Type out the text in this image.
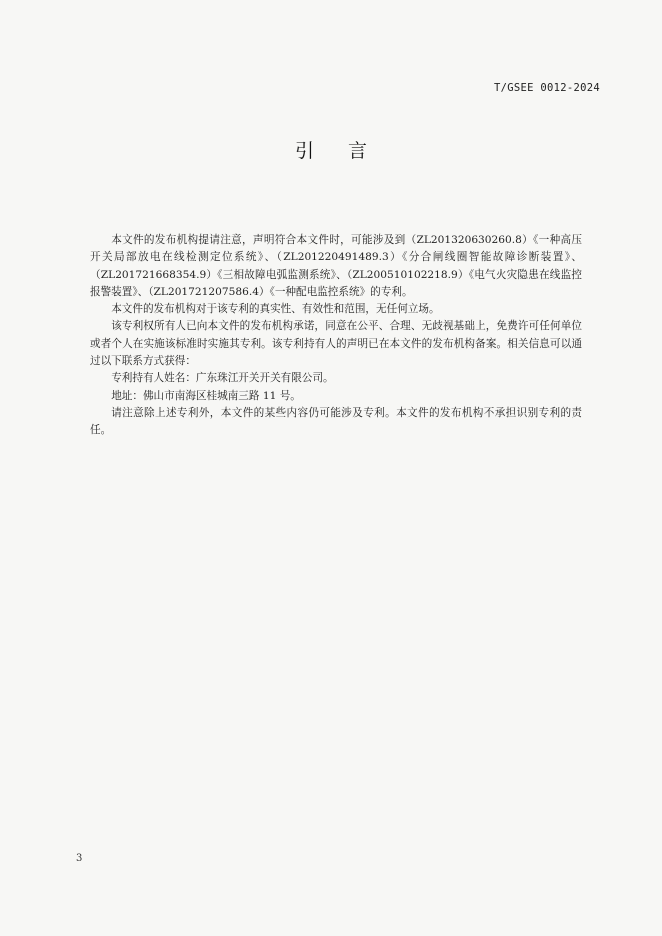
T/GSEE 0012-2024
引言

本文件的发布机构提请注意，声明符合本文件时，可能涉及到（ZL201320630260.8）《一种高压开关局部放电在线检测定位系统》、（ZL201220491489.3）《分合闸线圈智能故障诊断装置》、（ZL201721668354.9）《三相故障电弧监测系统》、（ZL200510102218.9）《电气火灾隐患在线监控报警装置》、（ZL201721207586.4）《一种配电监控系统》的专利。

本文件的发布机构对于该专利的真实性、有效性和范围，无任何立场。

该专利权所有人已向本文件的发布机构承诺，同意在公平、合理、无歧视基础上，免费许可任何单位或者个人在实施该标准时实施其专利。该专利持有人的声明已在本文件的发布机构备案。相关信息可以通过以下联系方式获得：

专利持有人姓名：广东珠江开关开关有限公司。

地址：佛山市南海区桂城南三路 11 号。

请注意除上述专利外，本文件的某些内容仍可能涉及专利。本文件的发布机构不承担识别专利的责任。

3
